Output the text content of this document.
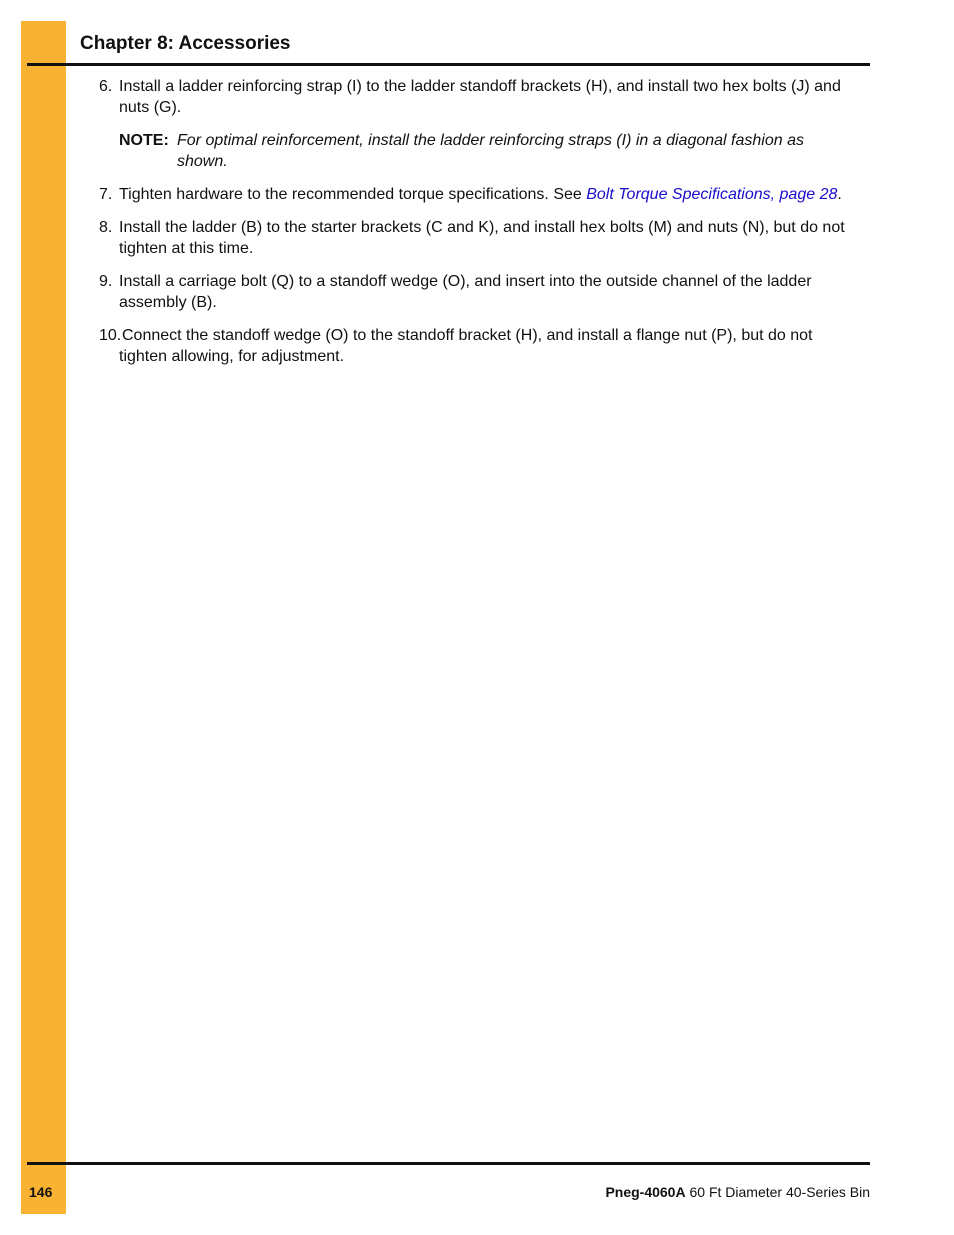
Chapter 8: Accessories
6. Install a ladder reinforcing strap (I) to the ladder standoff brackets (H), and install two hex bolts (J) and nuts (G).
NOTE: For optimal reinforcement, install the ladder reinforcing straps (I) in a diagonal fashion as shown.
7. Tighten hardware to the recommended torque specifications. See Bolt Torque Specifications, page 28.
8. Install the ladder (B) to the starter brackets (C and K), and install hex bolts (M) and nuts (N), but do not tighten at this time.
9. Install a carriage bolt (Q) to a standoff wedge (O), and insert into the outside channel of the ladder assembly (B).
10. Connect the standoff wedge (O) to the standoff bracket (H), and install a flange nut (P), but do not tighten allowing, for adjustment.
146	Pneg-4060A 60 Ft Diameter 40-Series Bin
